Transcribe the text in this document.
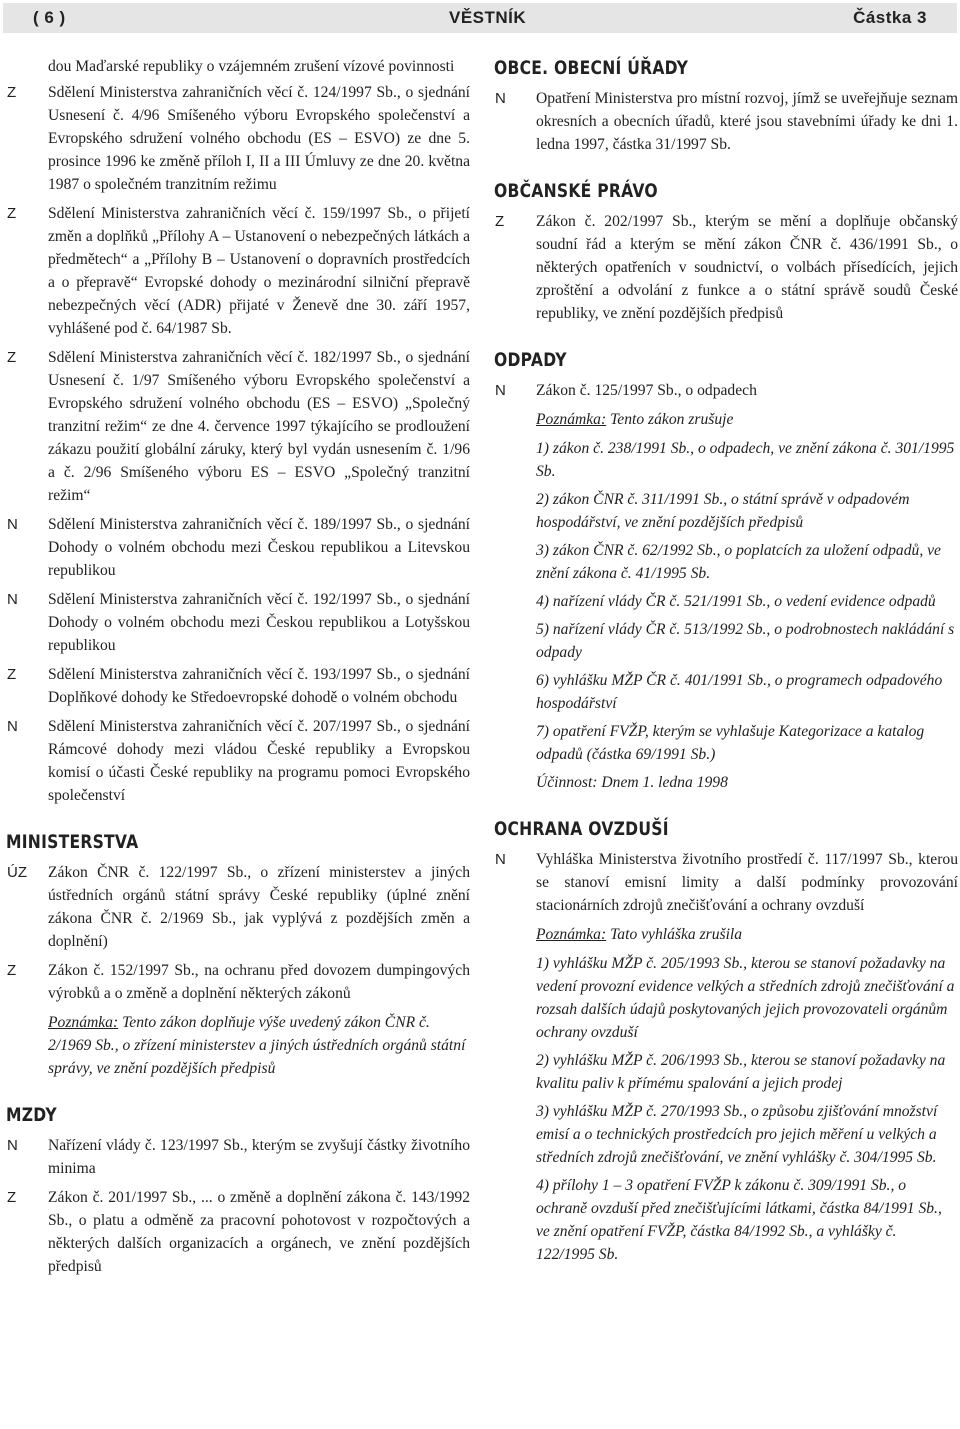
( 6 )	VĚSTNÍK	Částka 3
dou Maďarské republiky o vzájemném zrušení vízové povinnosti
Z Sdělení Ministerstva zahraničních věcí č. 124/1997 Sb., o sjednání Usnesení č. 4/96 Smíšeného výboru Evropského společenství a Evropského sdružení volného obchodu (ES – ESVO) ze dne 5. prosince 1996 ke změně příloh I, II a III Úmluvy ze dne 20. května 1987 o společném tranzitním režimu
Z Sdělení Ministerstva zahraničních věcí č. 159/1997 Sb., o přijetí změn a doplňků „Přílohy A – Ustanovení o nebezpečných látkách a předmětech“ a „Přílohy B – Ustanovení o dopravních prostředcích a o přepravě“ Evropské dohody o mezinárodní silniční přepravě nebezpečných věcí (ADR) přijaté v Ženevě dne 30. září 1957, vyhlášené pod č. 64/1987 Sb.
Z Sdělení Ministerstva zahraničních věcí č. 182/1997 Sb., o sjednání Usnesení č. 1/97 Smíšeného výboru Evropského společenství a Evropského sdružení volného obchodu (ES – ESVO) „Společný tranzitní režim“ ze dne 4. července 1997 týkajícího se prodloužení zákazu použití globální záruky, který byl vydán usnesením č. 1/96 a č. 2/96 Smíšeného výboru ES – ESVO „Společný tranzitní režim“
N Sdělení Ministerstva zahraničních věcí č. 189/1997 Sb., o sjednání Dohody o volném obchodu mezi Českou republikou a Litevskou republikou
N Sdělení Ministerstva zahraničních věcí č. 192/1997 Sb., o sjednání Dohody o volném obchodu mezi Českou republikou a Lotyšskou republikou
Z Sdělení Ministerstva zahraničních věcí č. 193/1997 Sb., o sjednání Doplňkové dohody ke Středoevropské dohodě o volném obchodu
N Sdělení Ministerstva zahraničních věcí č. 207/1997 Sb., o sjednání Rámcové dohody mezi vládou České republiky a Evropskou komisí o účasti České republiky na programu pomoci Evropského společenství
MINISTERSTVA
ÚZ Zákon ČNR č. 122/1997 Sb., o zřízení ministerstev a jiných ústředních orgánů státní správy České republiky (úplné znění zákona ČNR č. 2/1969 Sb., jak vyplývá z pozdějších změn a doplnění)
Z Zákon č. 152/1997 Sb., na ochranu před dovozem dumpingových výrobků a o změně a doplnění některých zákonů
Poznámka: Tento zákon doplňuje výše uvedený zákon ČNR č. 2/1969 Sb., o zřízení ministerstev a jiných ústředních orgánů státní správy, ve znění pozdějších předpisů
MZDY
N Nařízení vlády č. 123/1997 Sb., kterým se zvyšují částky životního minima
Z Zákon č. 201/1997 Sb., ... o změně a doplnění zákona č. 143/1992 Sb., o platu a odměně za pracovní pohotovost v rozpočtových a některých dalších organizacích a orgánech, ve znění pozdějších předpisů
OBCE. OBECNÍ ÚŘADY
N Opatření Ministerstva pro místní rozvoj, jímž se uveřejňuje seznam okresních a obecních úřadů, které jsou stavebními úřady ke dni 1. ledna 1997, částka 31/1997 Sb.
OBČANSKÉ PRÁVO
Z Zákon č. 202/1997 Sb., kterým se mění a doplňuje občanský soudní řád a kterým se mění zákon ČNR č. 436/1991 Sb., o některých opatřeních v soudnictví, o volbách přísedících, jejich zproštění a odvolání z funkce a o státní správě soudů České republiky, ve znění pozdějších předpisů
ODPADY
N Zákon č. 125/1997 Sb., o odpadech
Poznámka: Tento zákon zrušuje
1) zákon č. 238/1991 Sb., o odpadech, ve znění zákona č. 301/1995 Sb.
2) zákon ČNR č. 311/1991 Sb., o státní správě v odpadovém hospodářství, ve znění pozdějších předpisů
3) zákon ČNR č. 62/1992 Sb., o poplatcích za uložení odpadů, ve znění zákona č. 41/1995 Sb.
4) nařízení vlády ČR č. 521/1991 Sb., o vedení evidence odpadů
5) nařízení vlády ČR č. 513/1992 Sb., o podrobnostech nakládání s odpady
6) vyhlášku MŽP ČR č. 401/1991 Sb., o programech odpadového hospodářství
7) opatření FVŽP, kterým se vyhlašuje Kategorizace a katalog odpadů (částka 69/1991 Sb.)
Účinnost: Dnem 1. ledna 1998
OCHRANA OVZDUŠÍ
N Vyhláška Ministerstva životního prostředí č. 117/1997 Sb., kterou se stanoví emisní limity a další podmínky provozování stacionárních zdrojů znečišťování a ochrany ovzduší
Poznámka: Tato vyhláška zrušila
1) vyhlášku MŽP č. 205/1993 Sb., kterou se stanoví požadavky na vedení provozní evidence velkých a středních zdrojů znečišťování a rozsah dalších údajů poskytovaných jejich provozovateli orgánům ochrany ovzduší
2) vyhlášku MŽP č. 206/1993 Sb., kterou se stanoví požadavky na kvalitu paliv k přímému spalování a jejich prodej
3) vyhlášku MŽP č. 270/1993 Sb., o způsobu zjišťování množství emisí a o technických prostředcích pro jejich měření u velkých a středních zdrojů znečišťování, ve znění vyhlášky č. 304/1995 Sb.
4) přílohy 1 – 3 opatření FVŽP k zákonu č. 309/1991 Sb., o ochraně ovzduší před znečišťujícími látkami, částka 84/1991 Sb., ve znění opatření FVŽP, částka 84/1992 Sb., a vyhlášky č. 122/1995 Sb.
